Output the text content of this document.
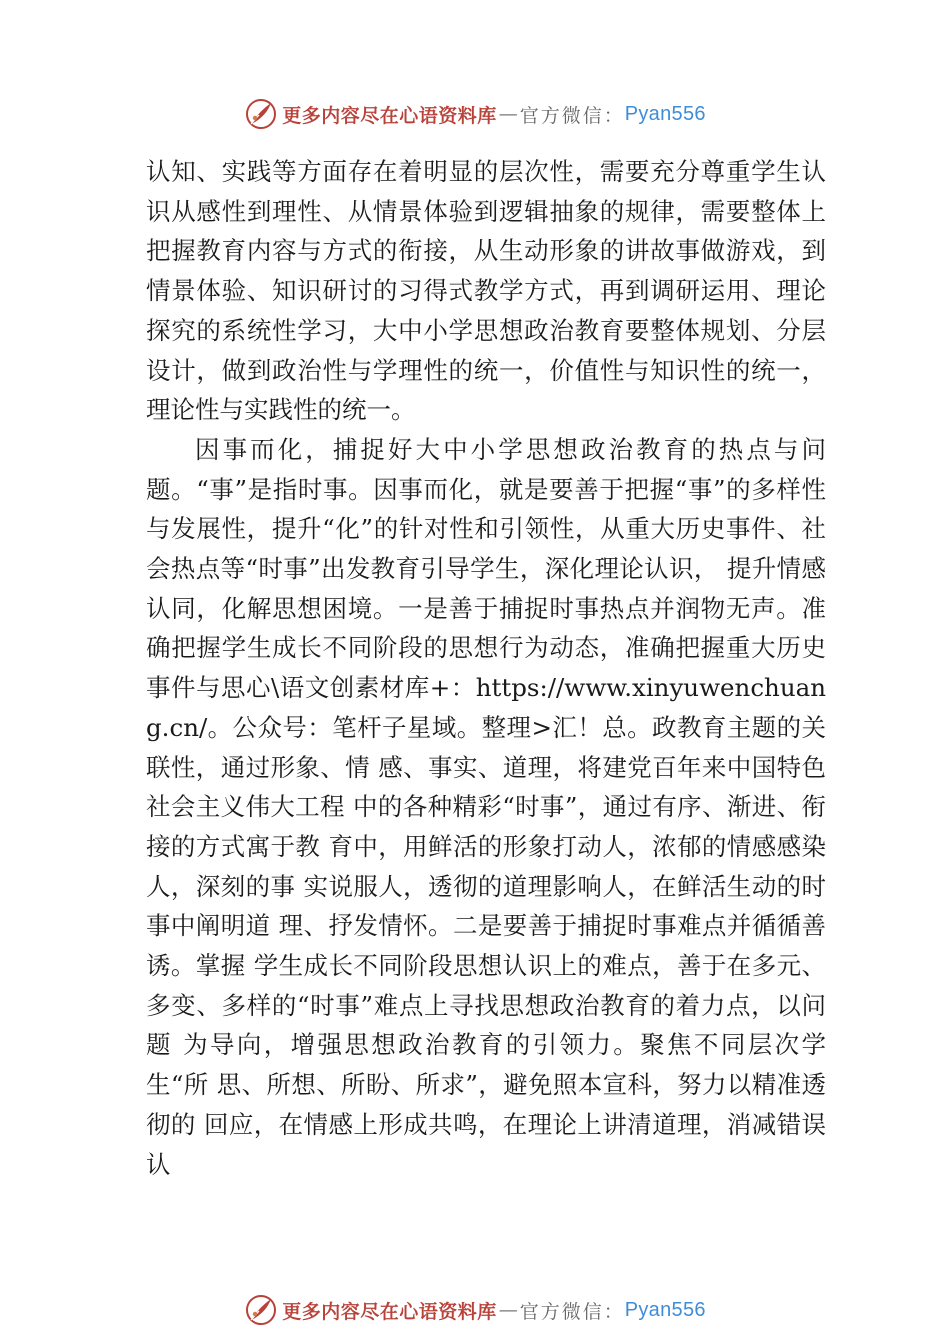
更多内容尽在心语资料库 — 官方微信： Pyan556

认知、实践等方面存在着明显的层次性，需要充分尊重学生认识从感性到理性、从情景体验到逻辑抽象的规律，需要整体上把握教育内容与方式的衔接，从生动形象的讲故事做游戏，到情景体验、知识研讨的习得式教学方式，再到调研运用、理论探究的系统性学习，大中小学思想政治教育要整体规划、分层设计，做到政治性与学理性的统一，价值性与知识性的统一，理论性与实践性的统一。

因事而化，捕捉好大中小学思想政治教育的热点与问题。“事”是指时事。因事而化，就是要善于把握“事”的多样性与发展性，提升“化”的针对性和引领性，从重大历史事件、社会热点等“时事”出发教育引导学生，深化理论认识， 提升情感认同，化解思想困境。一是善于捕捉时事热点并润物无声。准确把握学生成长不同阶段的思想行为动态，准确把握重大历史事件与思心\语文创素材库+：https://www.xinyuwenchuang.cn/。公众号：笔杆子星域。整理>汇！总。政教育主题的关联性，通过形象、情 感、事实、道理，将建党百年来中国特色社会主义伟大工程 中的各种精彩“时事”，通过有序、渐进、衔接的方式寓于教 育中，用鲜活的形象打动人，浓郁的情感感染人，深刻的事 实说服人，透彻的道理影响人，在鲜活生动的时事中阐明道 理、抒发情怀。二是要善于捕捉时事难点并循循善诱。掌握 学生成长不同阶段思想认识上的难点，善于在多元、多变、多样的“时事”难点上寻找思想政治教育的着力点，以问题 为导向，增强思想政治教育的引领力。聚焦不同层次学生“所 思、所想、所盼、所求”，避免照本宣科，努力以精准透彻的 回应，在情感上形成共鸣，在理论上讲清道理，消减错误认

更多内容尽在心语资料库 — 官方微信： Pyan556
